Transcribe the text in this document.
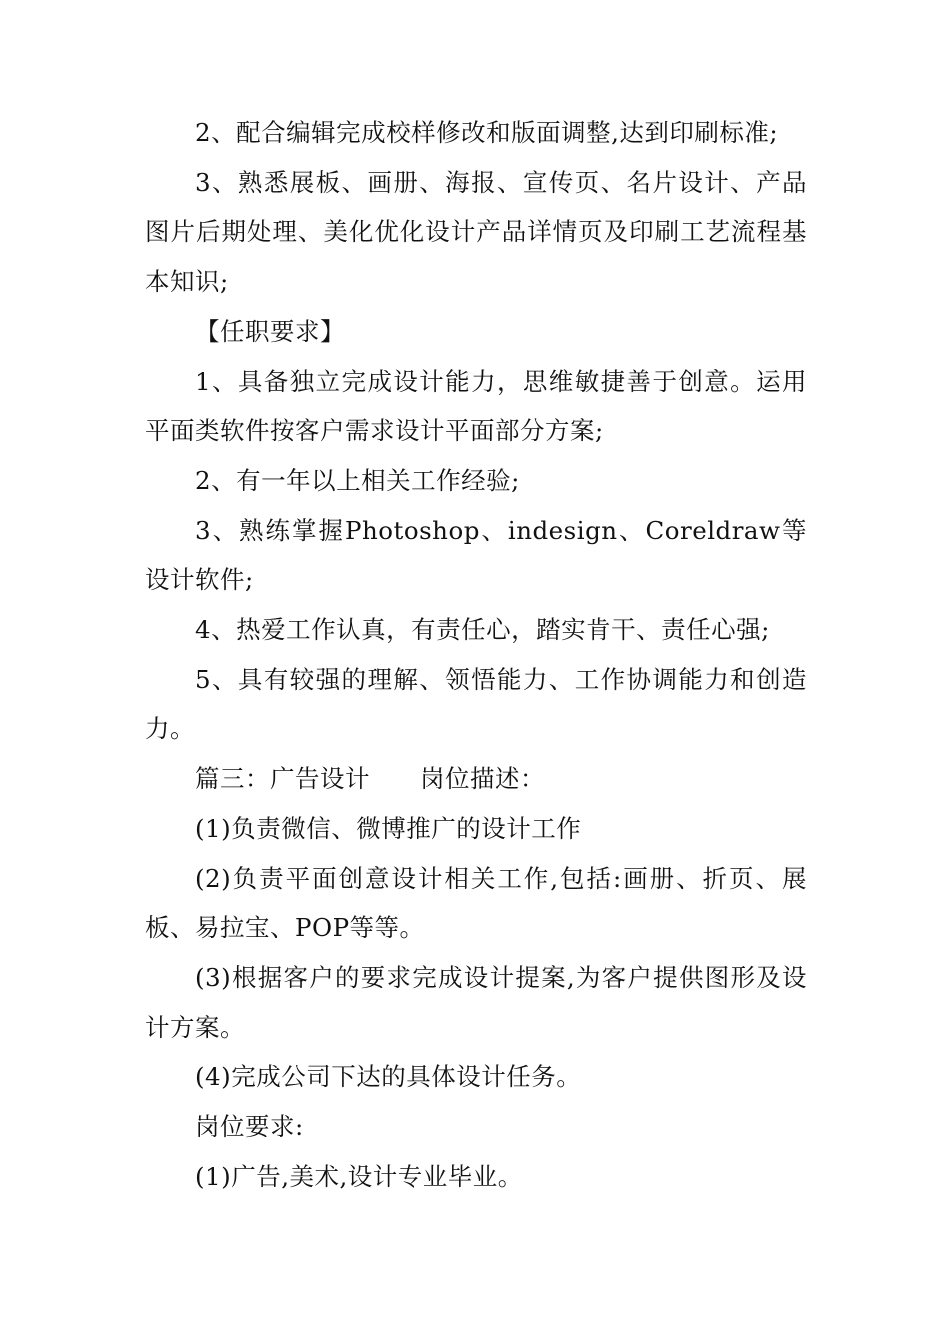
2、配合编辑完成校样修改和版面调整,达到印刷标准;

3、熟悉展板、画册、海报、宣传页、名片设计、产品图片后期处理、美化优化设计产品详情页及印刷工艺流程基本知识;

【任职要求】

1、具备独立完成设计能力，思维敏捷善于创意。运用平面类软件按客户需求设计平面部分方案;

2、有一年以上相关工作经验;

3、熟练掌握Photoshop、indesign、Coreldraw等设计软件;

4、热爱工作认真，有责任心，踏实肯干、责任心强;

5、具有较强的理解、领悟能力、工作协调能力和创造力。

篇三：广告设计　　岗位描述：

(1)负责微信、微博推广的设计工作

(2)负责平面创意设计相关工作,包括:画册、折页、展板、易拉宝、POP等等。

(3)根据客户的要求完成设计提案,为客户提供图形及设计方案。

(4)完成公司下达的具体设计任务。

岗位要求:

(1)广告,美术,设计专业毕业。
